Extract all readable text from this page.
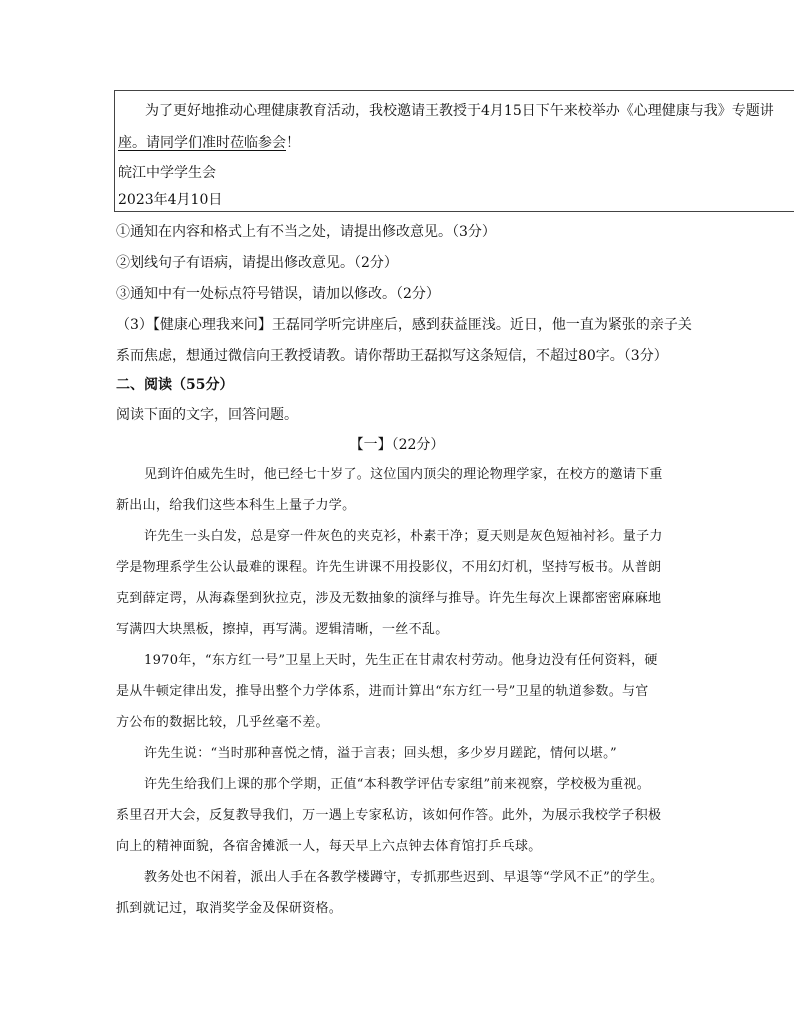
为了更好地推动心理健康教育活动，我校邀请王教授于4月15日下午来校举办《心理健康与我》专题讲
座。请同学们准时莅临参会！
皖江中学学生会
2023年4月10日
①通知在内容和格式上有不当之处，请提出修改意见。（3分）
②划线句子有语病，请提出修改意见。（2分）
③通知中有一处标点符号错误，请加以修改。（2分）
（3）【健康心理我来问】王磊同学听完讲座后，感到获益匪浅。近日，他一直为紧张的亲子关
系而焦虑，想通过微信向王教授请教。请你帮助王磊拟写这条短信，不超过80字。（3分）
二、阅读（55分）
阅读下面的文字，回答问题。
【一】（22分）
见到许伯威先生时，他已经七十岁了。这位国内顶尖的理论物理学家，在校方的邀请下重
新出山，给我们这些本科生上量子力学。
许先生一头白发，总是穿一件灰色的夹克衫，朴素干净；夏天则是灰色短袖衬衫。量子力
学是物理系学生公认最难的课程。许先生讲课不用投影仪，不用幻灯机，坚持写板书。从普朗
克到薛定谔，从海森堡到狄拉克，涉及无数抽象的演绎与推导。许先生每次上课都密密麻麻地
写满四大块黑板，擦掉，再写满。逻辑清晰，一丝不乱。
1970年，“东方红一号”卫星上天时，先生正在甘肃农村劳动。他身边没有任何资料，硬
是从牛顿定律出发，推导出整个力学体系，进而计算出“东方红一号”卫星的轨道参数。与官
方公布的数据比较，几乎丝毫不差。
许先生说：“当时那种喜悦之情，溢于言表；回头想，多少岁月蹉跎，情何以堪。”
许先生给我们上课的那个学期，正值“本科教学评估专家组”前来视察，学校极为重视。
系里召开大会，反复教导我们，万一遇上专家私访，该如何作答。此外，为展示我校学子积极
向上的精神面貌，各宿舍摊派一人，每天早上六点钟去体育馆打乒乓球。
教务处也不闲着，派出人手在各教学楼蹲守，专抓那些迟到、早退等“学风不正”的学生。
抓到就记过，取消奖学金及保研资格。
